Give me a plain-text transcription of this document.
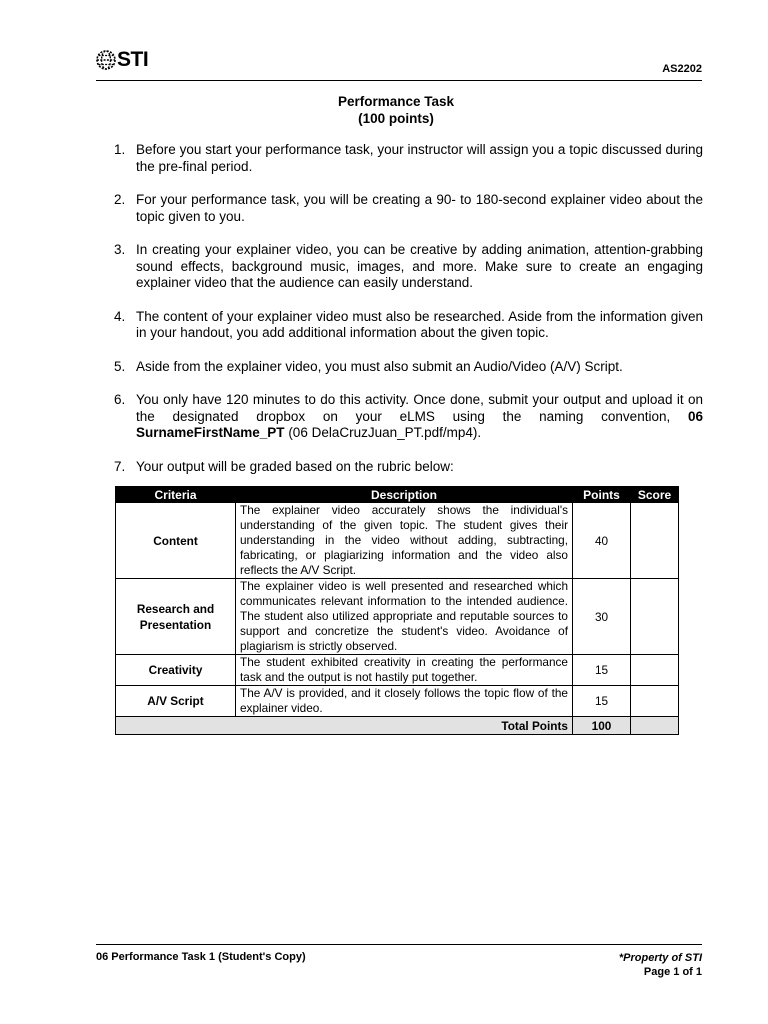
STI	AS2202
Performance Task
(100 points)
1. Before you start your performance task, your instructor will assign you a topic discussed during the pre-final period.
2. For your performance task, you will be creating a 90- to 180-second explainer video about the topic given to you.
3. In creating your explainer video, you can be creative by adding animation, attention-grabbing sound effects, background music, images, and more. Make sure to create an engaging explainer video that the audience can easily understand.
4. The content of your explainer video must also be researched. Aside from the information given in your handout, you add additional information about the given topic.
5. Aside from the explainer video, you must also submit an Audio/Video (A/V) Script.
6. You only have 120 minutes to do this activity. Once done, submit your output and upload it on the designated dropbox on your eLMS using the naming convention, 06 SurnameFirstName_PT (06 DelaCruzJuan_PT.pdf/mp4).
7. Your output will be graded based on the rubric below:
Criteria	Description	Points	Score
Content	The explainer video accurately shows the individual's understanding of the given topic. The student gives their understanding in the video without adding, subtracting, fabricating, or plagiarizing information and the video also reflects the A/V Script.	40	
Research and Presentation	The explainer video is well presented and researched which communicates relevant information to the intended audience. The student also utilized appropriate and reputable sources to support and concretize the student's video. Avoidance of plagiarism is strictly observed.	30	
Creativity	The student exhibited creativity in creating the performance task and the output is not hastily put together.	15	
A/V Script	The A/V is provided, and it closely follows the topic flow of the explainer video.	15	
Total Points		100	
06 Performance Task 1 (Student's Copy)	*Property of STI
Page 1 of 1
